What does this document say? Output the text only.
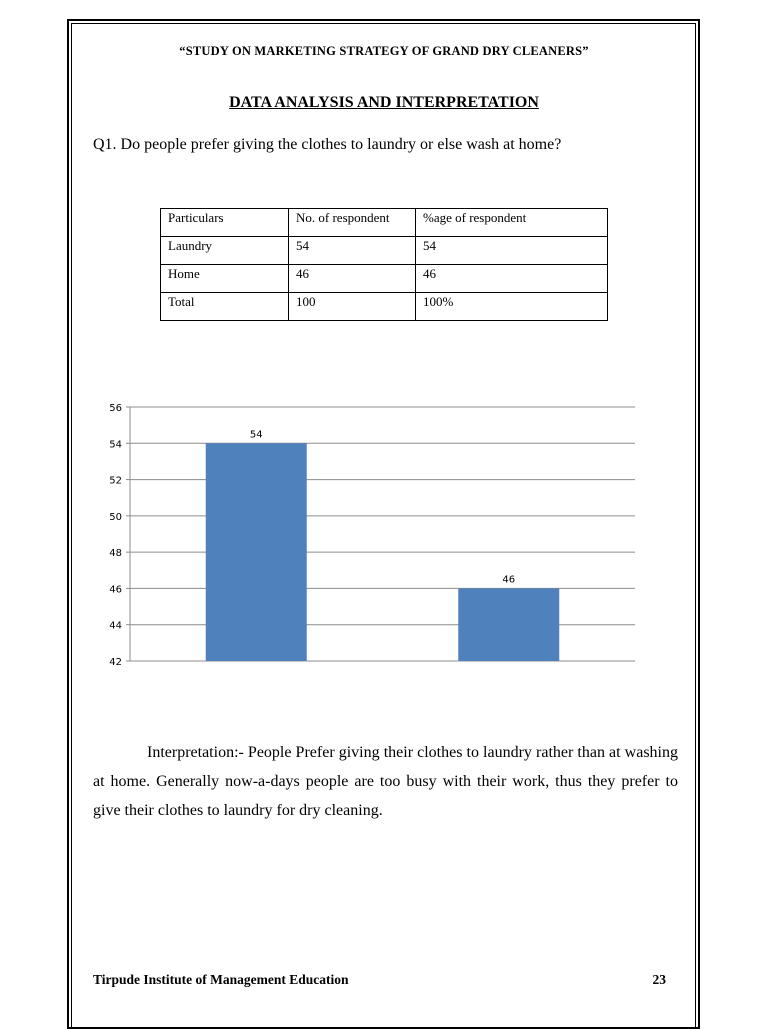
“STUDY ON MARKETING STRATEGY OF GRAND DRY CLEANERS”
DATA ANALYSIS AND INTERPRETATION
Q1. Do people prefer giving the clothes to laundry or else wash at home?
Particulars	No. of respondent	%age of respondent
Laundry	54	54
Home	46	46
Total	100	100%
42
44
46
48
50
52
54
56
54
46
Interpretation:- People Prefer giving their clothes to laundry rather than at washing at home. Generally now-a-days people are too busy with their work, thus they prefer to give their clothes to laundry for dry cleaning.
Tirpude Institute of Management Education	23
